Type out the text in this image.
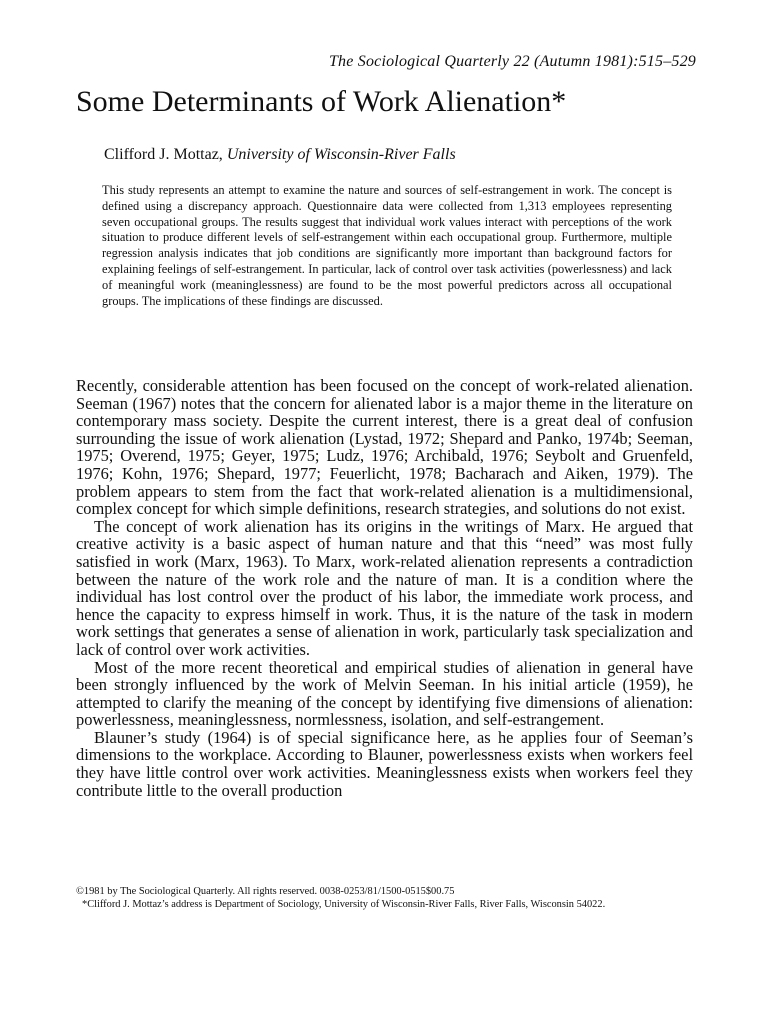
The Sociological Quarterly 22 (Autumn 1981):515–529
Some Determinants of Work Alienation*
Clifford J. Mottaz, University of Wisconsin-River Falls

This study represents an attempt to examine the nature and sources of self-estrangement in work. The concept is defined using a discrepancy approach. Questionnaire data were collected from 1,313 employees representing seven occupational groups. The results suggest that individual work values interact with perceptions of the work situation to produce different levels of self-estrangement within each occupational group. Furthermore, multiple regression analysis indicates that job conditions are significantly more important than background factors for explaining feelings of self-estrangement. In particular, lack of control over task activities (powerlessness) and lack of meaningful work (meaninglessness) are found to be the most powerful predictors across all occupational groups. The implications of these findings are discussed.

Recently, considerable attention has been focused on the concept of work-related alienation. Seeman (1967) notes that the concern for alienated labor is a major theme in the literature on contemporary mass society. Despite the current interest, there is a great deal of confusion surrounding the issue of work alienation (Lystad, 1972; Shepard and Panko, 1974b; Seeman, 1975; Overend, 1975; Geyer, 1975; Ludz, 1976; Archibald, 1976; Seybolt and Gruenfeld, 1976; Kohn, 1976; Shepard, 1977; Feuerlicht, 1978; Bacharach and Aiken, 1979). The problem appears to stem from the fact that work-related alienation is a multidimensional, complex concept for which simple definitions, research strategies, and solutions do not exist.

The concept of work alienation has its origins in the writings of Marx. He argued that creative activity is a basic aspect of human nature and that this “need” was most fully satisfied in work (Marx, 1963). To Marx, work-related alienation represents a contradiction between the nature of the work role and the nature of man. It is a condition where the individual has lost control over the product of his labor, the immediate work process, and hence the capacity to express himself in work. Thus, it is the nature of the task in modern work settings that generates a sense of alienation in work, particularly task specialization and lack of control over work activities.

Most of the more recent theoretical and empirical studies of alienation in general have been strongly influenced by the work of Melvin Seeman. In his initial article (1959), he attempted to clarify the meaning of the concept by identifying five dimensions of alienation: powerlessness, meaninglessness, normlessness, isolation, and self-estrangement.

Blauner’s study (1964) is of special significance here, as he applies four of Seeman’s dimensions to the workplace. According to Blauner, powerlessness exists when workers feel they have little control over work activities. Meaninglessness exists when workers feel they contribute little to the overall production

©1981 by The Sociological Quarterly. All rights reserved. 0038-0253/81/1500-0515$00.75
*Clifford J. Mottaz’s address is Department of Sociology, University of Wisconsin-River Falls, River Falls, Wisconsin 54022.
